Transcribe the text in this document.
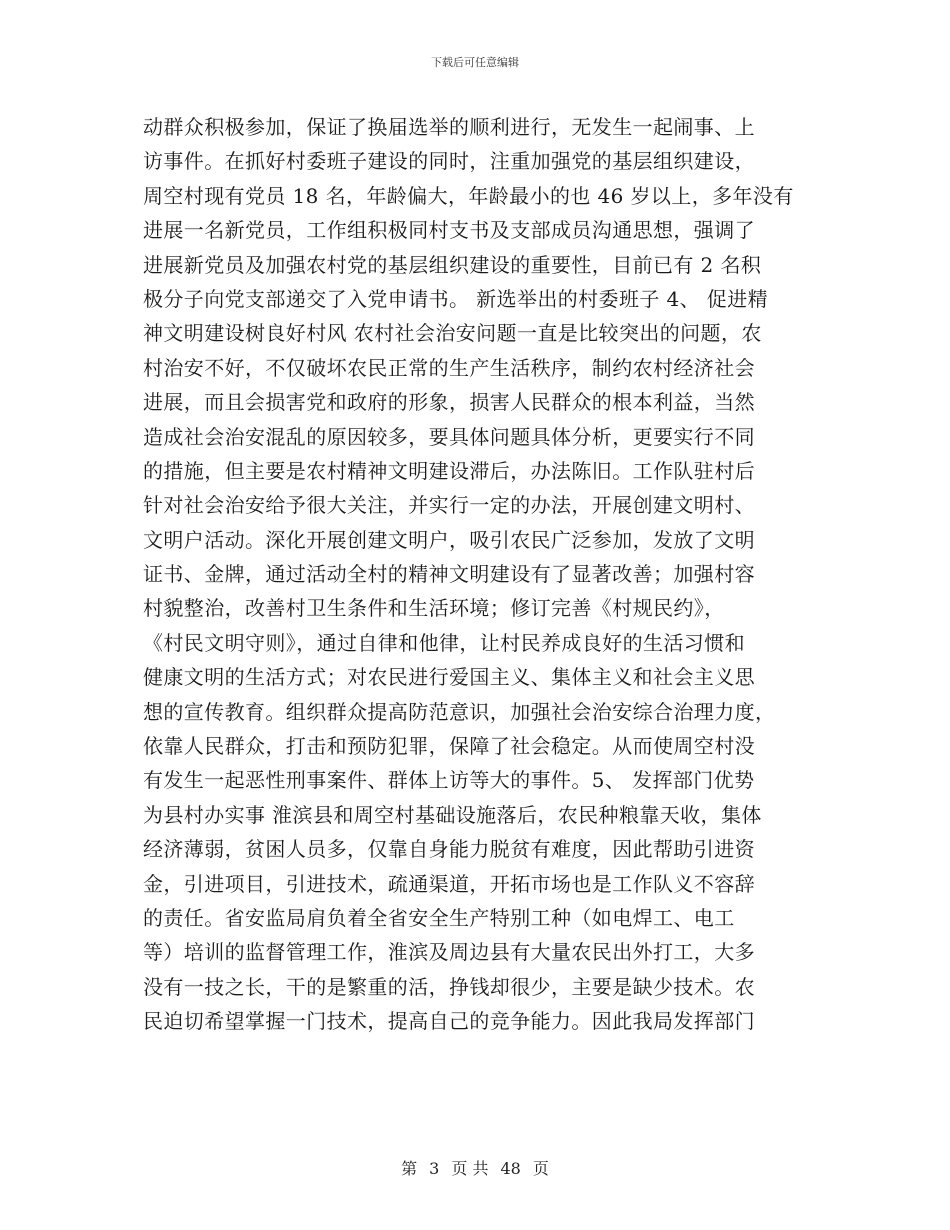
下载后可任意编辑
动群众积极参加，保证了换届选举的顺利进行，无发生一起闹事、上
访事件。在抓好村委班子建设的同时，注重加强党的基层组织建设，
周空村现有党员 18 名，年龄偏大，年龄最小的也 46 岁以上，多年没有
进展一名新党员，工作组积极同村支书及支部成员沟通思想，强调了
进展新党员及加强农村党的基层组织建设的重要性，目前已有 2 名积
极分子向党支部递交了入党申请书。 新选举出的村委班子 4、 促进精
神文明建设树良好村风 农村社会治安问题一直是比较突出的问题，农
村治安不好，不仅破坏农民正常的生产生活秩序，制约农村经济社会
进展，而且会损害党和政府的形象，损害人民群众的根本利益，当然
造成社会治安混乱的原因较多，要具体问题具体分析，更要实行不同
的措施，但主要是农村精神文明建设滞后，办法陈旧。工作队驻村后
针对社会治安给予很大关注，并实行一定的办法，开展创建文明村、
文明户活动。深化开展创建文明户，吸引农民广泛参加，发放了文明
证书、金牌，通过活动全村的精神文明建设有了显著改善；加强村容
村貌整治，改善村卫生条件和生活环境；修订完善《村规民约》，
《村民文明守则》，通过自律和他律，让村民养成良好的生活习惯和
健康文明的生活方式；对农民进行爱国主义、集体主义和社会主义思
想的宣传教育。组织群众提高防范意识，加强社会治安综合治理力度，
依靠人民群众，打击和预防犯罪，保障了社会稳定。从而使周空村没
有发生一起恶性刑事案件、群体上访等大的事件。5、 发挥部门优势
为县村办实事 淮滨县和周空村基础设施落后，农民种粮靠天收，集体
经济薄弱，贫困人员多，仅靠自身能力脱贫有难度，因此帮助引进资
金，引进项目，引进技术，疏通渠道，开拓市场也是工作队义不容辞
的责任。省安监局肩负着全省安全生产特别工种（如电焊工、电工
等）培训的监督管理工作，淮滨及周边县有大量农民出外打工，大多
没有一技之长，干的是繁重的活，挣钱却很少，主要是缺少技术。农
民迫切希望掌握一门技术，提高自己的竞争能力。因此我局发挥部门
第 3 页 共 48 页
